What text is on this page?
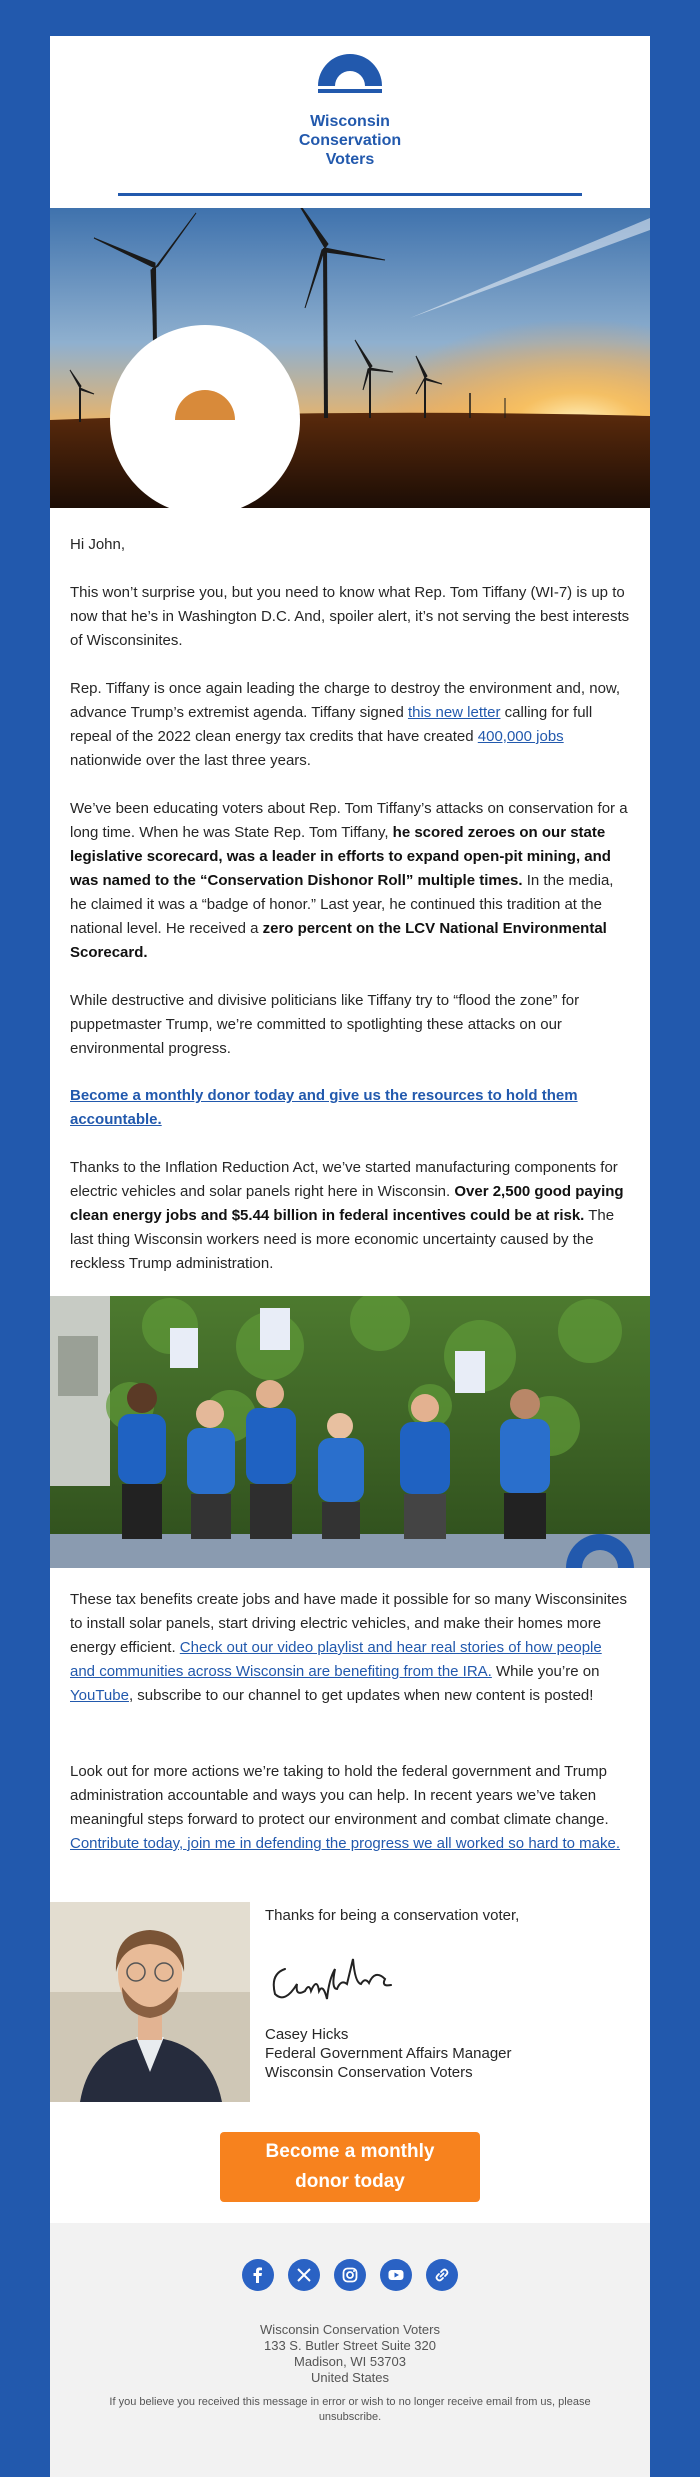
Wisconsin
Conservation
Voters

Hi John,

This won’t surprise you, but you need to know what Rep. Tom Tiffany (WI-7) is up to now that he’s in Washington D.C. And, spoiler alert, it’s not serving the best interests of Wisconsinites.

Rep. Tiffany is once again leading the charge to destroy the environment and, now, advance Trump’s extremist agenda. Tiffany signed this new letter calling for full repeal of the 2022 clean energy tax credits that have created 400,000 jobs nationwide over the last three years.

We’ve been educating voters about Rep. Tom Tiffany’s attacks on conservation for a long time. When he was State Rep. Tom Tiffany, he scored zeroes on our state legislative scorecard, was a leader in efforts to expand open-pit mining, and was named to the “Conservation Dishonor Roll” multiple times. In the media, he claimed it was a “badge of honor.” Last year, he continued this tradition at the national level. He received a zero percent on the LCV National Environmental Scorecard.

While destructive and divisive politicians like Tiffany try to “flood the zone” for puppetmaster Trump, we’re committed to spotlighting these attacks on our environmental progress.

Become a monthly donor today and give us the resources to hold them accountable.

Thanks to the Inflation Reduction Act, we’ve started manufacturing components for electric vehicles and solar panels right here in Wisconsin. Over 2,500 good paying clean energy jobs and $5.44 billion in federal incentives could be at risk. The last thing Wisconsin workers need is more economic uncertainty caused by the reckless Trump administration.

These tax benefits create jobs and have made it possible for so many Wisconsinites to install solar panels, start driving electric vehicles, and make their homes more energy efficient. Check out our video playlist and hear real stories of how people and communities across Wisconsin are benefiting from the IRA. While you’re on YouTube, subscribe to our channel to get updates when new content is posted!

Look out for more actions we’re taking to hold the federal government and Trump administration accountable and ways you can help. In recent years we’ve taken meaningful steps forward to protect our environment and combat climate change. Contribute today, join me in defending the progress we all worked so hard to make.

Thanks for being a conservation voter,

Casey Hicks

Federal Government Affairs Manager

Wisconsin Conservation Voters

Become a monthly
donor today
Wisconsin Conservation Voters
133 S. Butler Street Suite 320
Madison, WI 53703
United States
If you believe you received this message in error or wish to no longer receive email from us, please unsubscribe.
